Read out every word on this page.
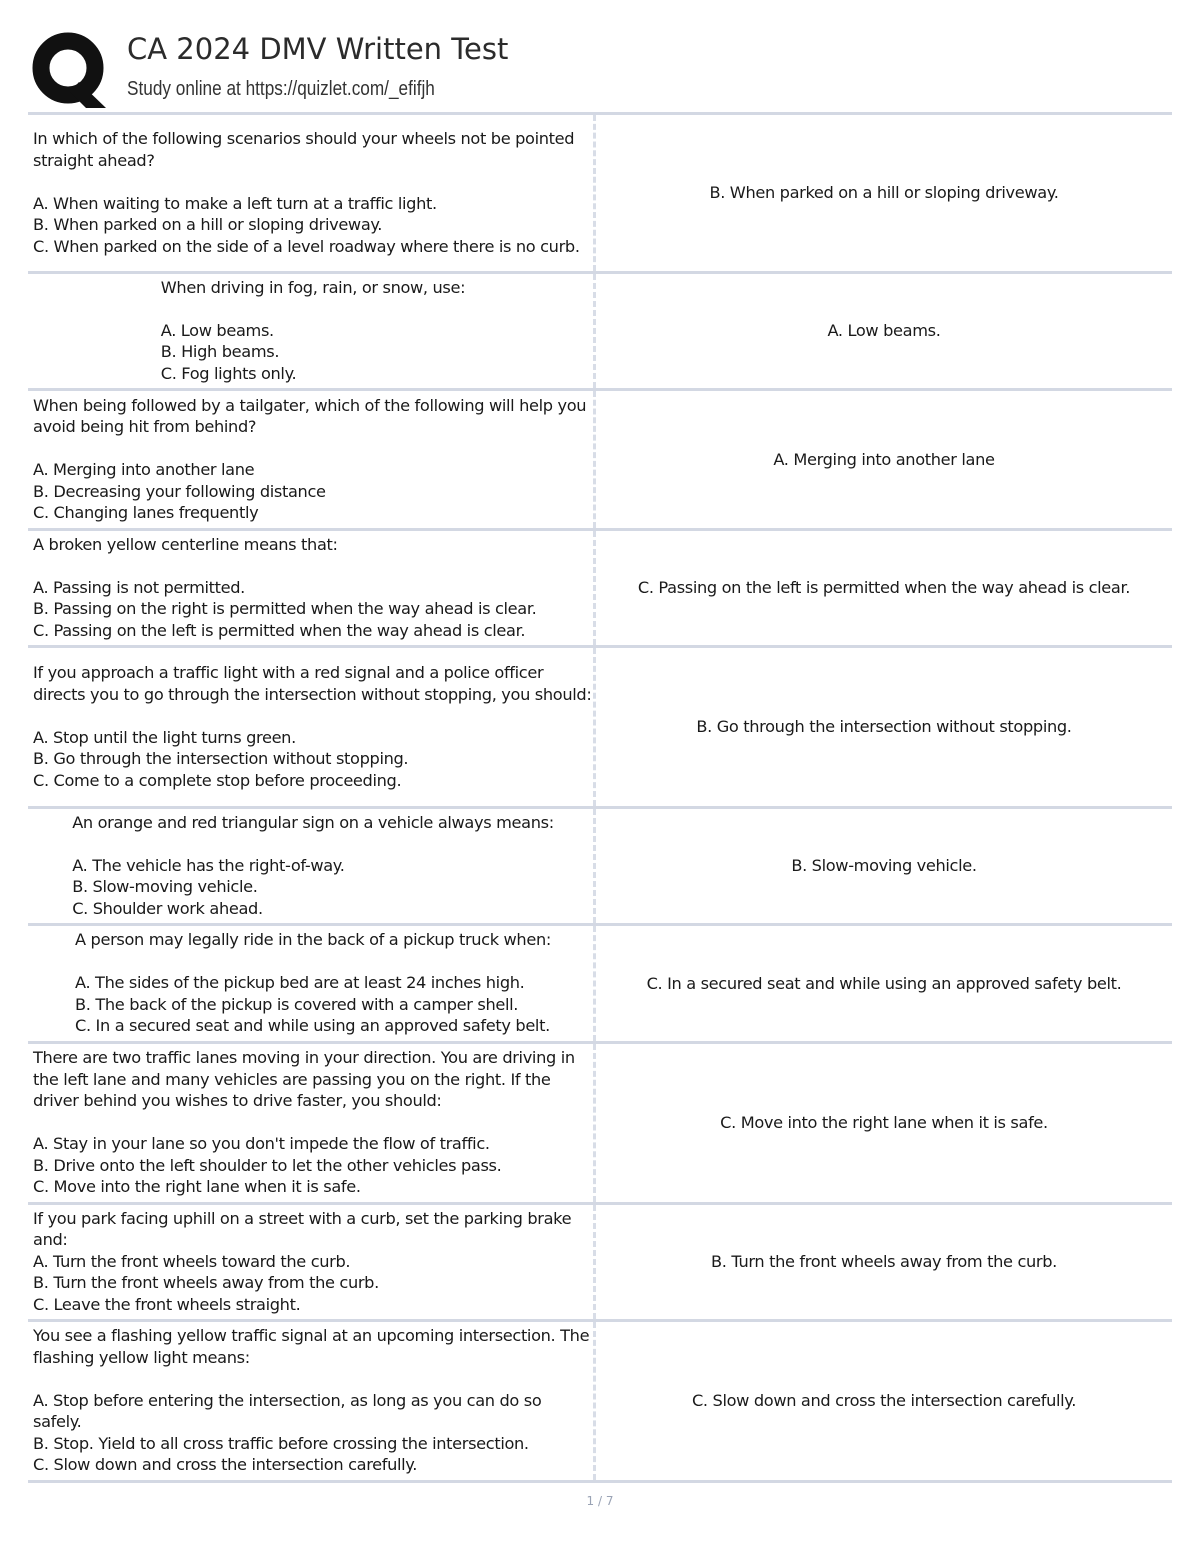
CA 2024 DMV Written Test
Study online at https://quizlet.com/_efifjh
In which of the following scenarios should your wheels not be pointed straight ahead?

A. When waiting to make a left turn at a traffic light.
B. When parked on a hill or sloping driveway.
C. When parked on the side of a level roadway where there is no curb.
B. When parked on a hill or sloping driveway.
When driving in fog, rain, or snow, use:

A. Low beams.
B. High beams.
C. Fog lights only.
A. Low beams.
When being followed by a tailgater, which of the following will help you avoid being hit from behind?

A. Merging into another lane
B. Decreasing your following distance
C. Changing lanes frequently
A. Merging into another lane
A broken yellow centerline means that:

A. Passing is not permitted.
B. Passing on the right is permitted when the way ahead is clear.
C. Passing on the left is permitted when the way ahead is clear.
C. Passing on the left is permitted when the way ahead is clear.
If you approach a traffic light with a red signal and a police officer directs you to go through the intersection without stopping, you should:

A. Stop until the light turns green.
B. Go through the intersection without stopping.
C. Come to a complete stop before proceeding.
B. Go through the intersection without stopping.
An orange and red triangular sign on a vehicle always means:

A. The vehicle has the right-of-way.
B. Slow-moving vehicle.
C. Shoulder work ahead.
B. Slow-moving vehicle.
A person may legally ride in the back of a pickup truck when:

A. The sides of the pickup bed are at least 24 inches high.
B. The back of the pickup is covered with a camper shell.
C. In a secured seat and while using an approved safety belt.
C. In a secured seat and while using an approved safety belt.
There are two traffic lanes moving in your direction. You are driving in the left lane and many vehicles are passing you on the right. If the driver behind you wishes to drive faster, you should:

A. Stay in your lane so you don't impede the flow of traffic.
B. Drive onto the left shoulder to let the other vehicles pass.
C. Move into the right lane when it is safe.
C. Move into the right lane when it is safe.
If you park facing uphill on a street with a curb, set the parking brake and:
A. Turn the front wheels toward the curb.
B. Turn the front wheels away from the curb.
C. Leave the front wheels straight.
B. Turn the front wheels away from the curb.
You see a flashing yellow traffic signal at an upcoming intersection. The flashing yellow light means:

A. Stop before entering the intersection, as long as you can do so safely.
B. Stop. Yield to all cross traffic before crossing the intersection.
C. Slow down and cross the intersection carefully.
C. Slow down and cross the intersection carefully.
1 / 7
